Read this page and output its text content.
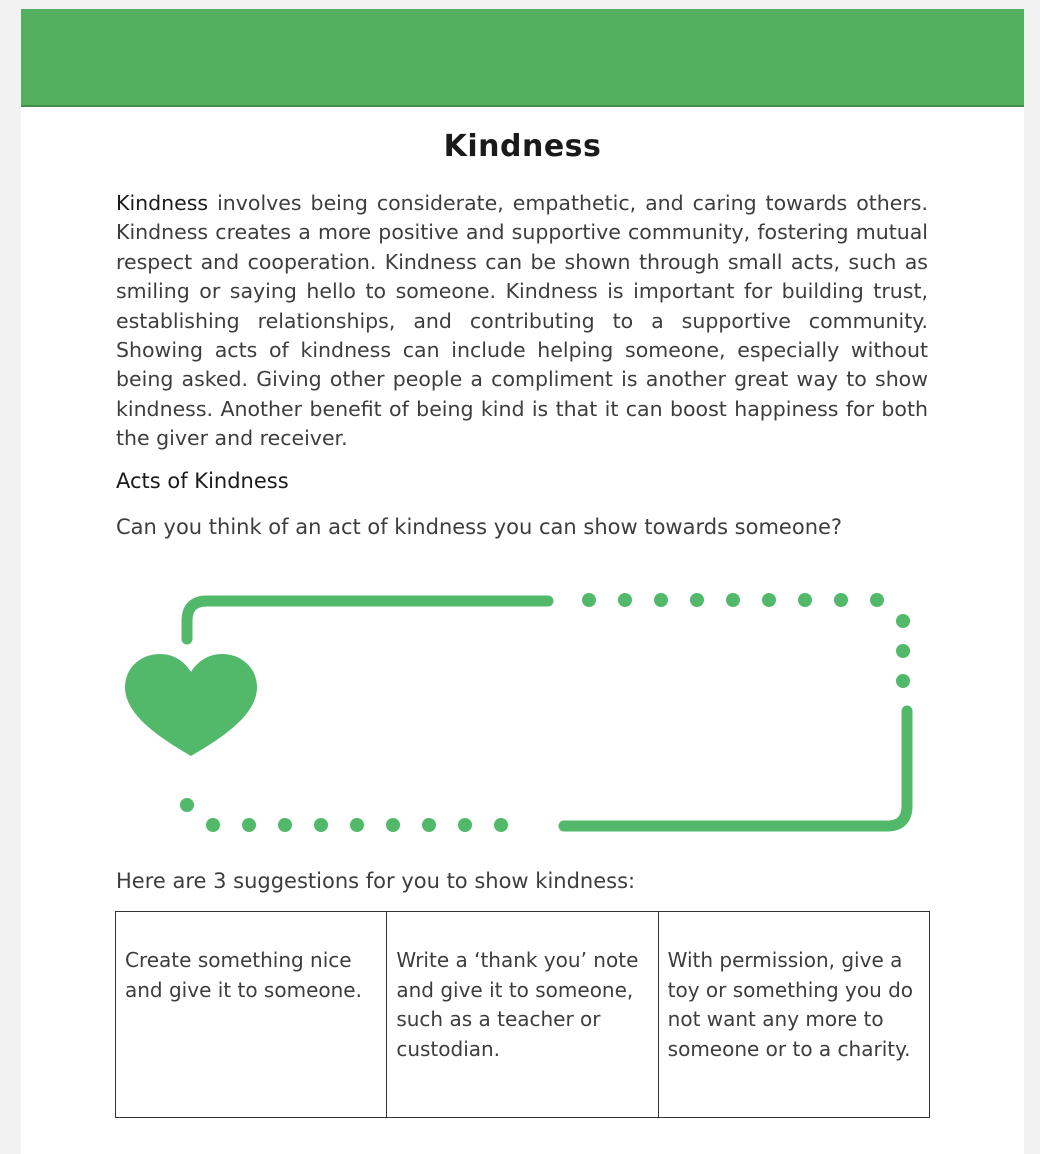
Kindness

Kindness involves being considerate, empathetic, and caring towards others. Kindness creates a more positive and supportive community, fostering mutual respect and cooperation. Kindness can be shown through small acts, such as smiling or saying hello to someone. Kindness is important for building trust, establishing relationships, and contributing to a supportive community. Showing acts of kindness can include helping someone, especially without being asked. Giving other people a compliment is another great way to show kindness. Another benefit of being kind is that it can boost happiness for both the giver and receiver.

Acts of Kindness

Can you think of an act of kindness you can show towards someone?

Here are 3 suggestions for you to show kindness:

Create something nice and give it to someone.	Write a ‘thank you’ note and give it to someone, such as a teacher or custodian.	With permission, give a toy or something you do not want any more to someone or to a charity.
